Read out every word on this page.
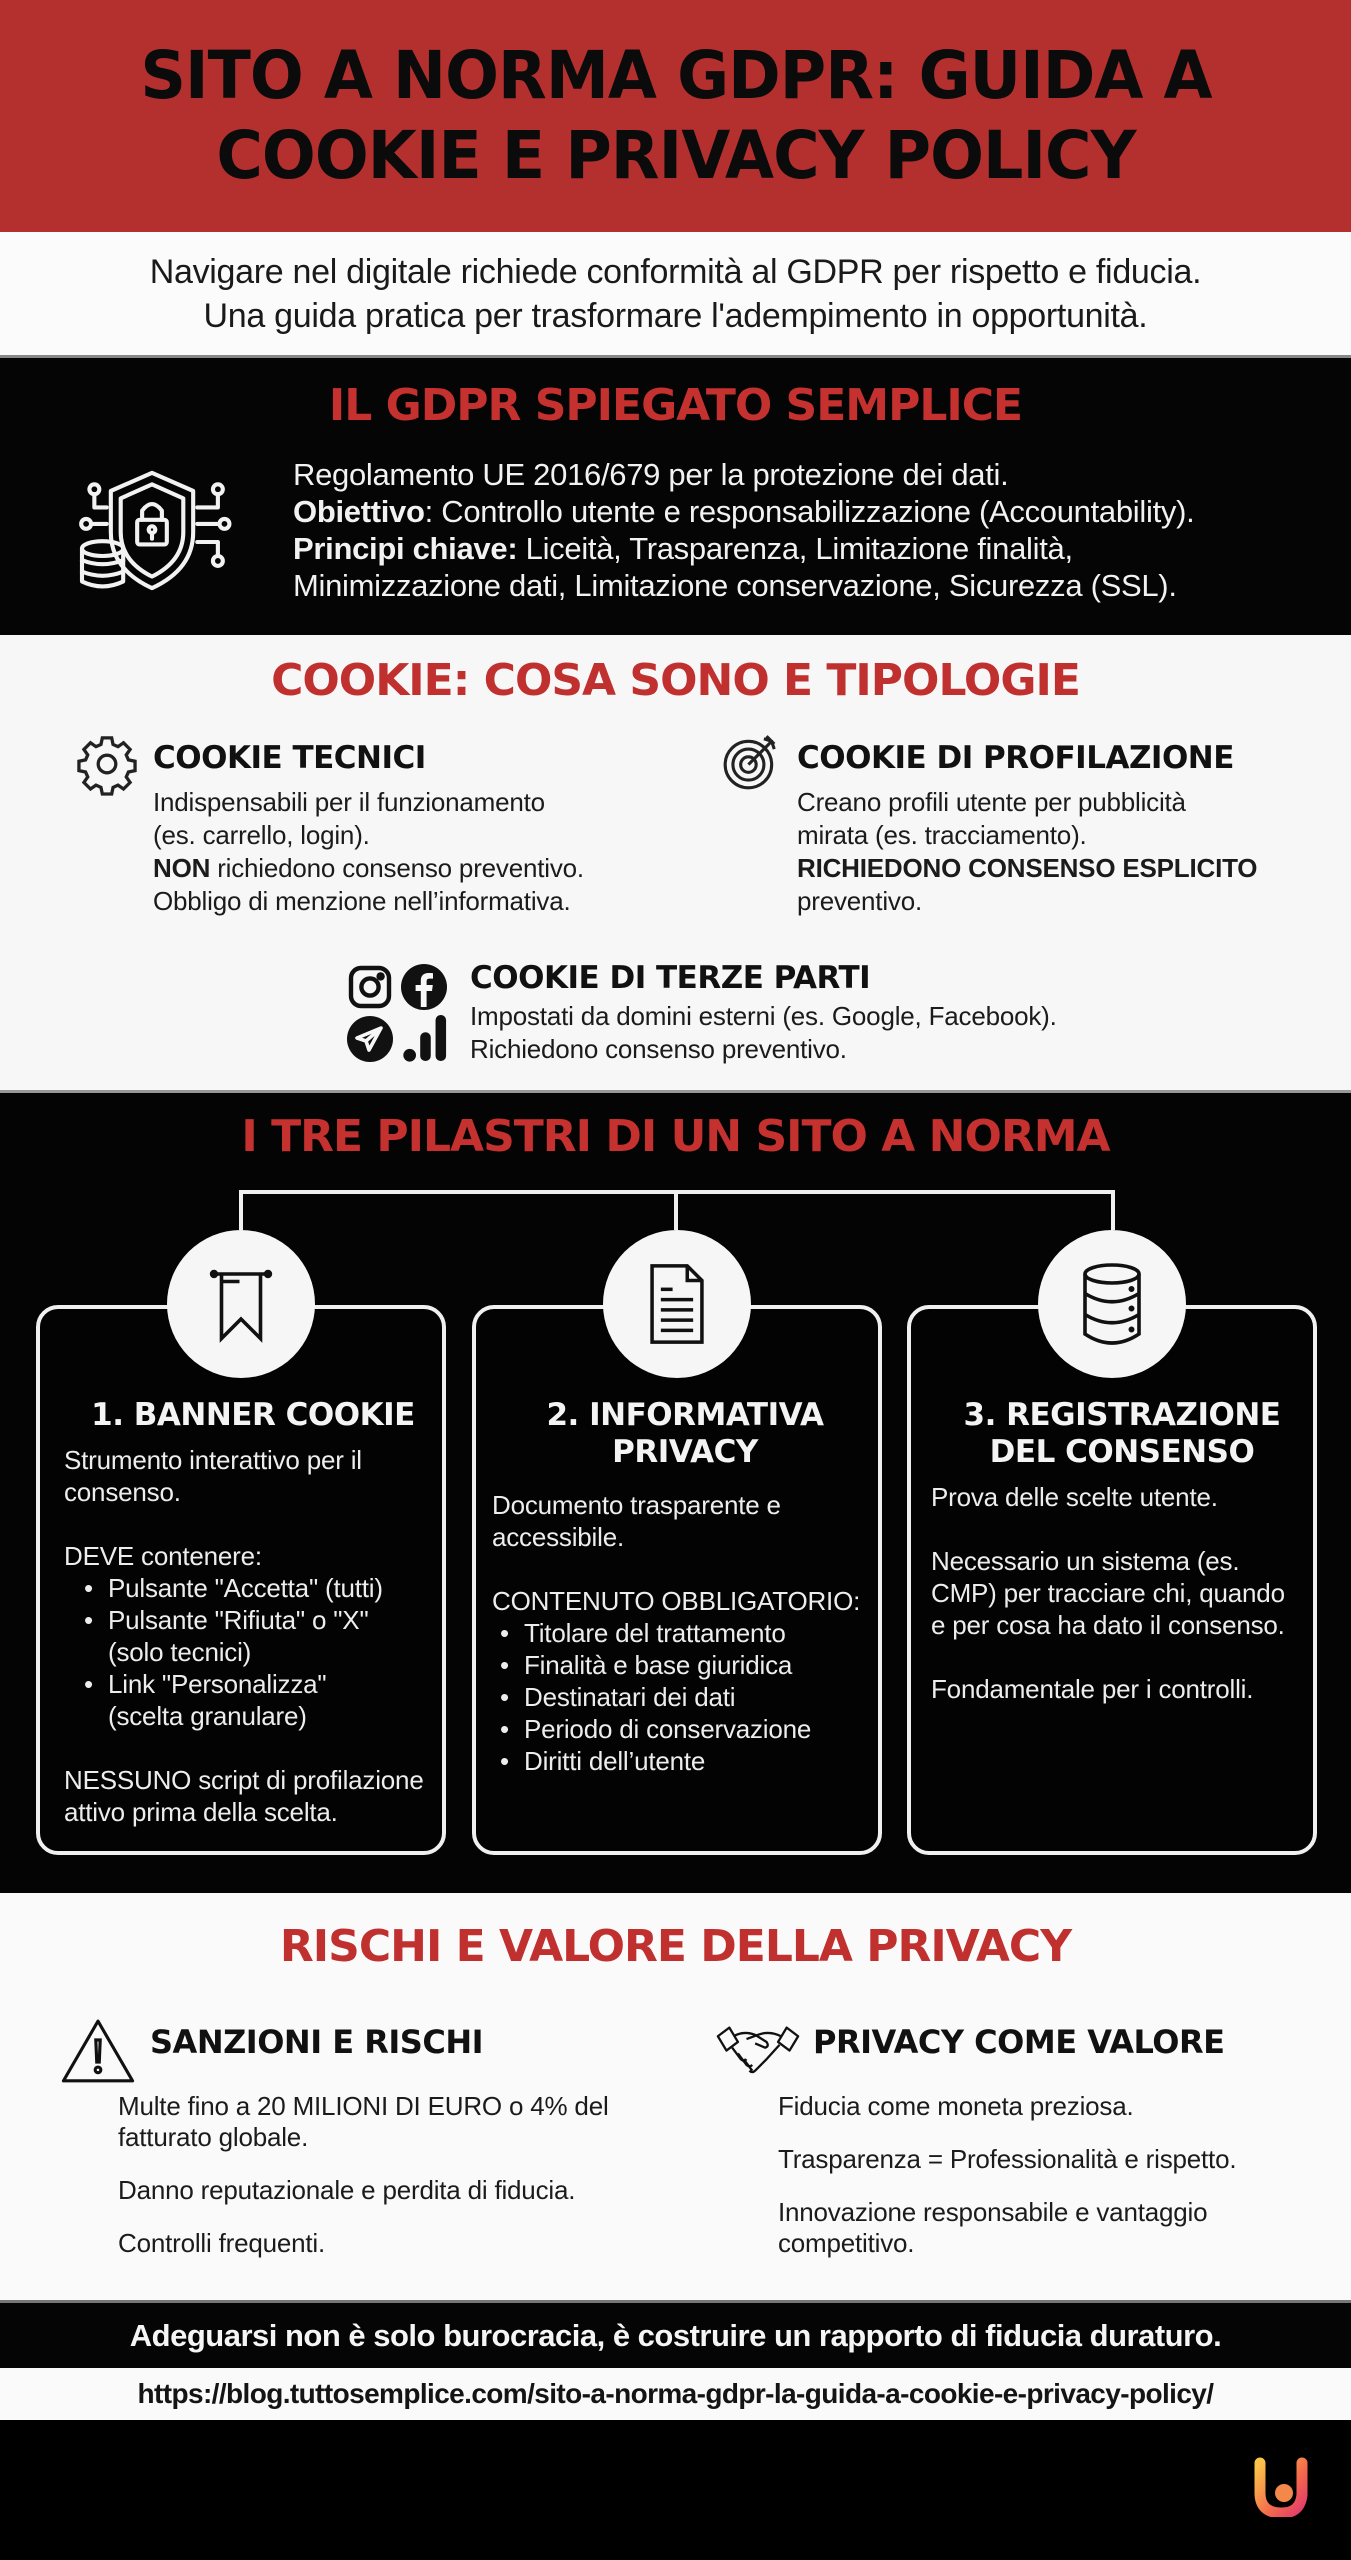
SITO A NORMA GDPR: GUIDA A
COOKIE E PRIVACY POLICY

Navigare nel digitale richiede conformità al GDPR per rispetto e fiducia.

Una guida pratica per trasformare l'adempimento in opportunità.

IL GDPR SPIEGATO SEMPLICE
Regolamento UE 2016/679 per la protezione dei dati.
Obiettivo: Controllo utente e responsabilizzazione (Accountability).
Principi chiave: Liceità, Trasparenza, Limitazione finalità,
Minimizzazione dati, Limitazione conservazione, Sicurezza (SSL).
COOKIE: COSA SONO E TIPOLOGIE
COOKIE TECNICI

Indispensabili per il funzionamento

(es. carrello, login).

NON richiedono consenso preventivo.

Obbligo di menzione nell’informativa.

COOKIE DI PROFILAZIONE

Creano profili utente per pubblicità

mirata (es. tracciamento).

RICHIEDONO CONSENSO ESPLICITO

preventivo.

COOKIE DI TERZE PARTI

Impostati da domini esterni (es. Google, Facebook).

Richiedono consenso preventivo.

I TRE PILASTRI DI UN SITO A NORMA
1. BANNER COOKIE
Strumento interattivo per il consenso.
DEVE contenere:
• Pulsante "Accetta" (tutti)
• Pulsante "Rifiuta" o "X" (solo tecnici)
• Link "Personalizza" (scelta granulare)
NESSUNO script di profilazione attivo prima della scelta.
2. INFORMATIVA
PRIVACY
Documento trasparente e accessibile.
CONTENUTO OBBLIGATORIO:
• Titolare del trattamento
• Finalità e base giuridica
• Destinatari dei dati
• Periodo di conservazione
• Diritti dell’utente
3. REGISTRAZIONE
DEL CONSENSO
Prova delle scelte utente.
Necessario un sistema (es. CMP) per tracciare chi, quando e per cosa ha dato il consenso.
Fondamentale per i controlli.
RISCHI E VALORE DELLA PRIVACY
SANZIONI E RISCHI

Multe fino a 20 MILIONI DI EURO o 4% del fatturato globale.

Danno reputazionale e perdita di fiducia.

Controlli frequenti.

PRIVACY COME VALORE

Fiducia come moneta preziosa.

Trasparenza = Professionalità e rispetto.

Innovazione responsabile e vantaggio competitivo.

Adeguarsi non è solo burocracia, è costruire un rapporto di fiducia duraturo.

https://blog.tuttosemplice.com/sito-a-norma-gdpr-la-guida-a-cookie-e-privacy-policy/
